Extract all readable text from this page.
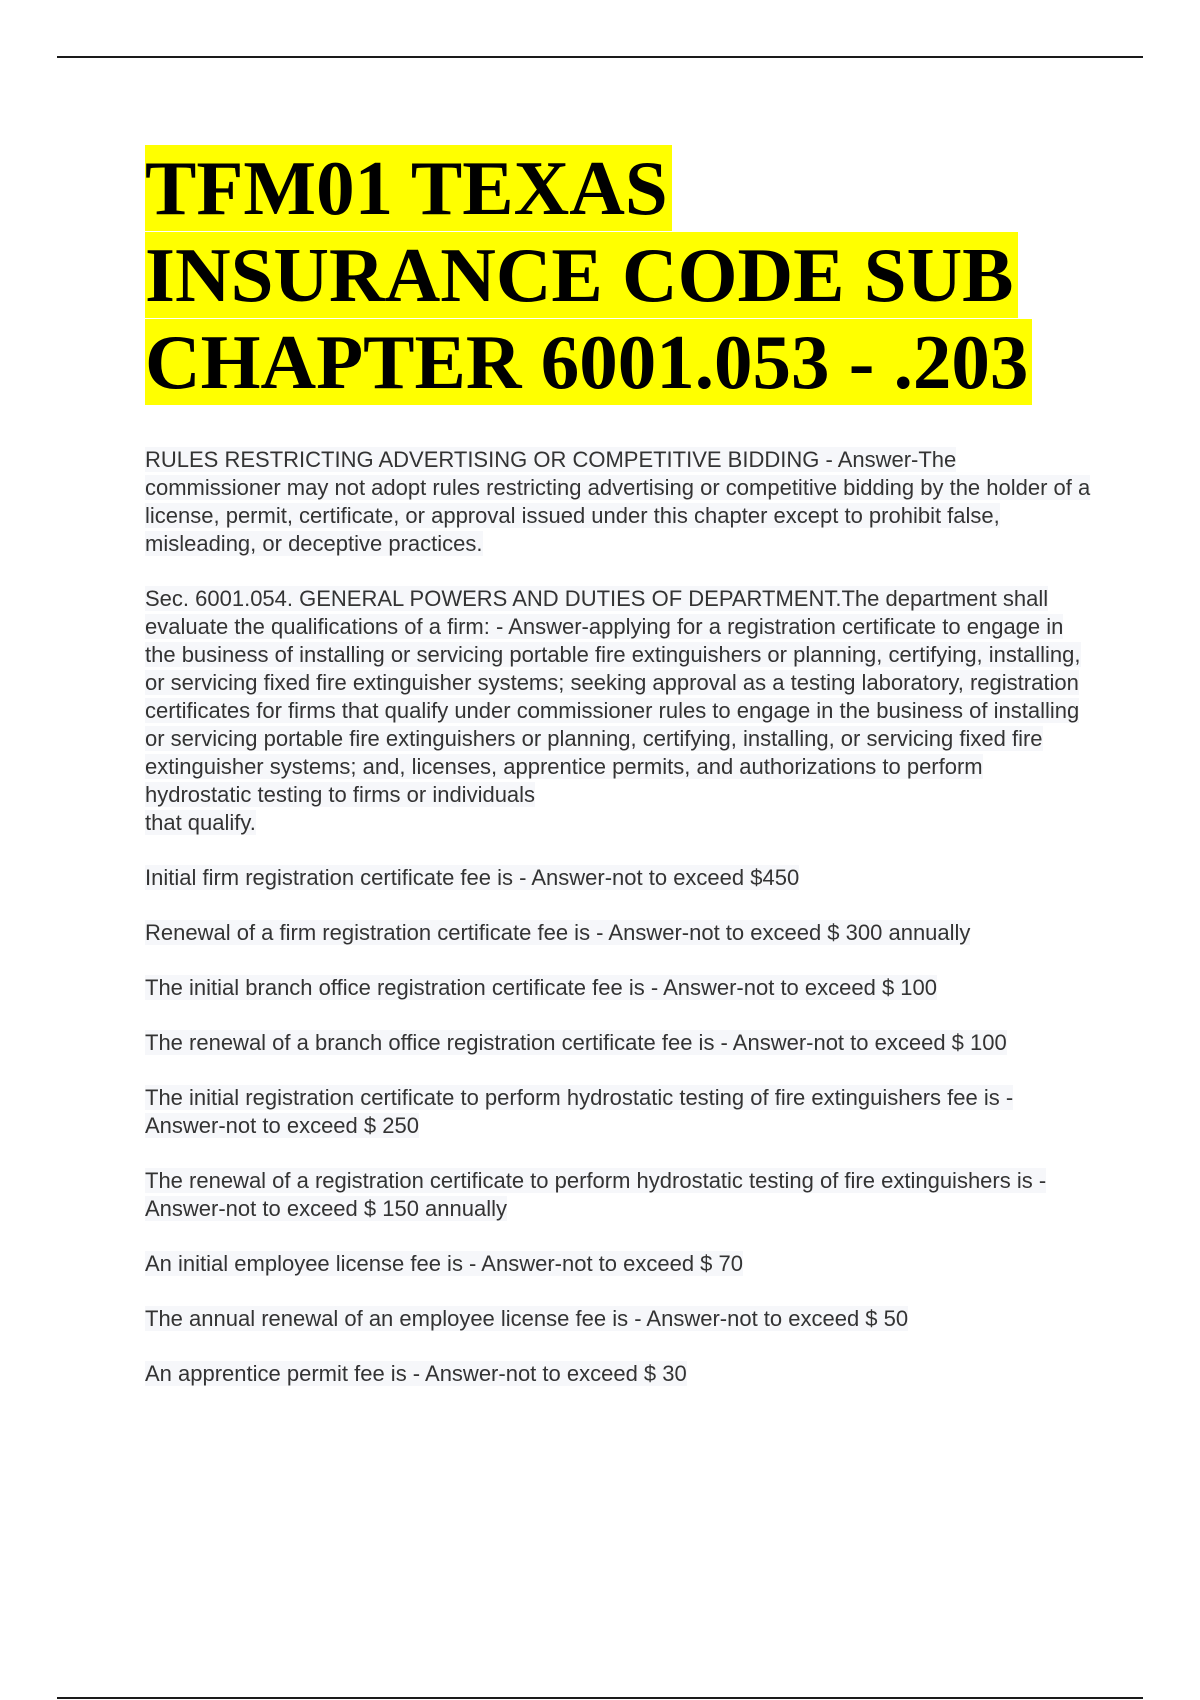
TFM01 TEXAS INSURANCE CODE SUB CHAPTER 6001.053 - .203

RULES RESTRICTING ADVERTISING OR COMPETITIVE BIDDING - Answer-The commissioner may not adopt rules restricting advertising or competitive bidding by the holder of a license, permit, certificate, or approval issued under this chapter except to prohibit false, misleading, or deceptive practices.

Sec. 6001.054. GENERAL POWERS AND DUTIES OF DEPARTMENT.The department shall evaluate the qualifications of a firm: - Answer-applying for a registration certificate to engage in the business of installing or servicing portable fire extinguishers or planning, certifying, installing, or servicing fixed fire extinguisher systems; seeking approval as a testing laboratory, registration certificates for firms that qualify under commissioner rules to engage in the business of installing or servicing portable fire extinguishers or planning, certifying, installing, or servicing fixed fire extinguisher systems; and, licenses, apprentice permits, and authorizations to perform hydrostatic testing to firms or individuals
that qualify.

Initial firm registration certificate fee is - Answer-not to exceed $450

Renewal of a firm registration certificate fee is - Answer-not to exceed $ 300 annually

The initial branch office registration certificate fee is - Answer-not to exceed $ 100

The renewal of a branch office registration certificate fee is - Answer-not to exceed $ 100

The initial registration certificate to perform hydrostatic testing of fire extinguishers fee is - Answer-not to exceed $ 250

The renewal of a registration certificate to perform hydrostatic testing of fire extinguishers is - Answer-not to exceed $ 150 annually

An initial employee license fee is - Answer-not to exceed $ 70

The annual renewal of an employee license fee is - Answer-not to exceed $ 50

An apprentice permit fee is - Answer-not to exceed $ 30
